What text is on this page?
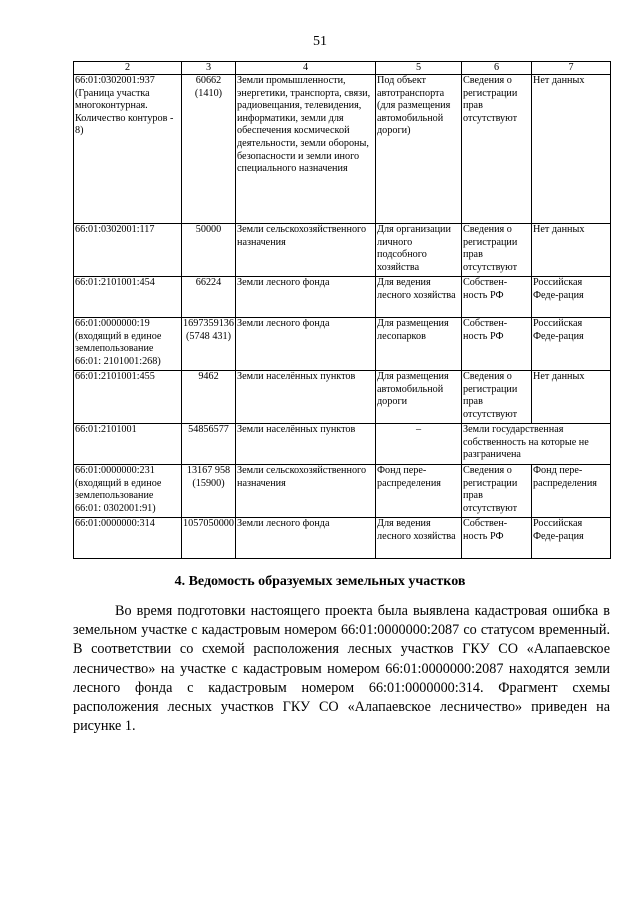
51
2	3	4	5	6	7
66:01:0302001:937 (Граница участка многоконтурная. Количество контуров - 8)	60662 (1410)	Земли промышленности, энергетики, транспорта, связи, радиовещания, телевидения, информатики, земли для обеспечения космической деятельности, земли обороны, безопасности и земли иного специального назначения	Под объект автотранспорта (для размещения автомобильной дороги)	Сведения о регистрации прав отсутствуют	Нет данных
66:01:0302001:117	50000	Земли сельскохозяйственного назначения	Для организации личного подсобного хозяйства	Сведения о регистрации прав отсутствуют	Нет данных
66:01:2101001:454	66224	Земли лесного фонда	Для ведения лесного хозяйства	Собствен-ность РФ	Российская Феде-рация
66:01:0000000:19 (входящий в единое землепользование 66:01: 2101001:268)	1697359136 (5748 431)	Земли лесного фонда	Для размещения лесопарков	Собствен-ность РФ	Российская Феде-рация
66:01:2101001:455	9462	Земли населённых пунктов	Для размещения автомобильной дороги	Сведения о регистрации прав отсутствуют	Нет данных
66:01:2101001	54856577	Земли населённых пунктов	–	Земли государственная собственность на которые не разграничена	
66:01:0000000:231 (входящий в единое землепользование 66:01: 0302001:91)	13167 958 (15900)	Земли сельскохозяйственного назначения	Фонд пере-распределения	Сведения о регистрации прав отсутствуют	Фонд пере-распределения
66:01:0000000:314	1057050000	Земли лесного фонда	Для ведения лесного хозяйства	Собствен-ность РФ	Российская Феде-рация
4. Ведомость образуемых земельных участков

Во время подготовки настоящего проекта была выявлена кадастровая ошибка в земельном участке с кадастровым номером 66:01:0000000:2087 со статусом временный. В соответствии со схемой расположения лесных участков ГКУ СО «Алапаевское лесничество» на участке с кадастровым номером 66:01:0000000:2087 находятся земли лесного фонда с кадастровым номером 66:01:0000000:314. Фрагмент схемы расположения лесных участков ГКУ СО «Алапаевское лесничество» приведен на рисунке 1.
